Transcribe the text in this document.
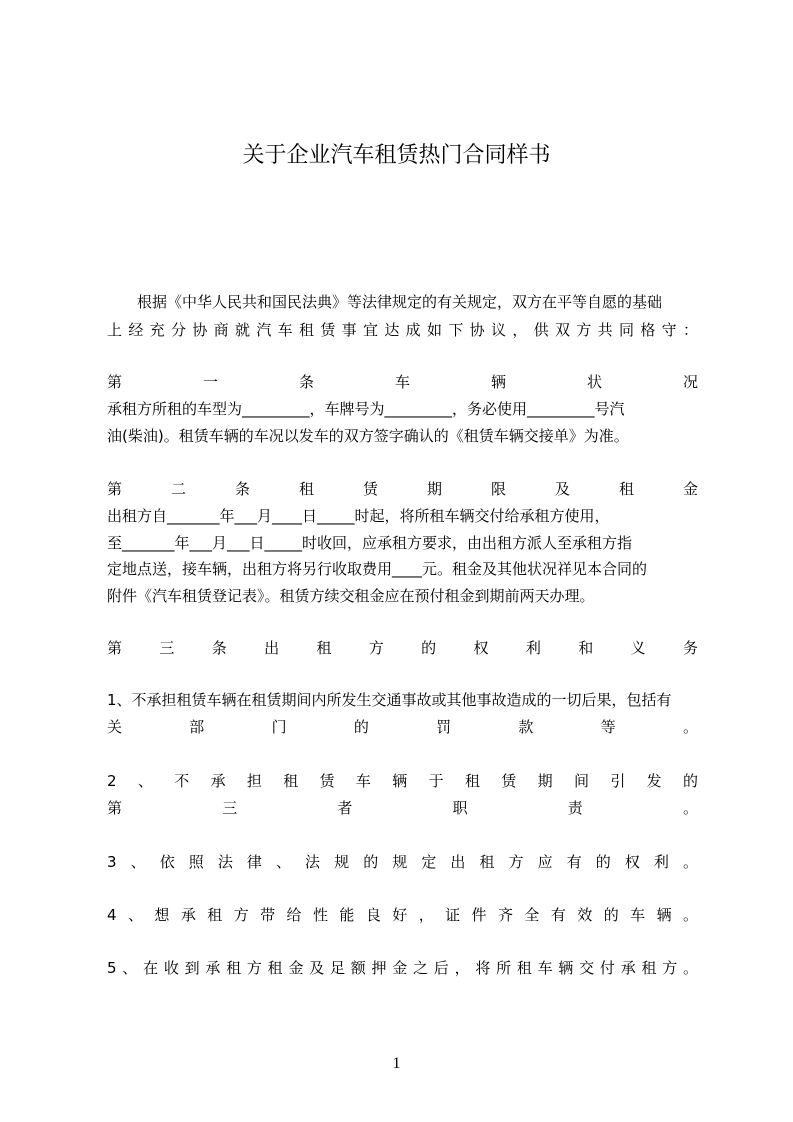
关于企业汽车租赁热门合同样书
　　根据《中华人民共和国民法典》等法律规定的有关规定，双方在平等自愿的基础
上经充分协商就汽车租赁事宜达成如下协议，供双方共同格守：
第一条车辆状况
承租方所租的车型为_________，车牌号为_________，务必使用_________号汽
油(柴油)。租赁车辆的车况以发车的双方签字确认的《租赁车辆交接单》为准。
第二条租赁期限及租金
出租方自_______年___月____日_____时起，将所租车辆交付给承租方使用，
至_______年___月___日_____时收回，应承租方要求，由出租方派人至承租方指
定地点送，接车辆，出租方将另行收取费用____元。租金及其他状况祥见本合同的
附件《汽车租赁登记表》。租赁方续交租金应在预付租金到期前两天办理。
第三条出租方的权利和义务
1、不承担租赁车辆在租赁期间内所发生交通事故或其他事故造成的一切后果，包括有
关部门的罚款等。
2、不承担租赁车辆于租赁期间引发的
第三者职责。
3、依照法律、法规的规定出租方应有的权利。
4、想承租方带给性能良好，证件齐全有效的车辆。
5、在收到承租方租金及足额押金之后，将所租车辆交付承租方。
1
